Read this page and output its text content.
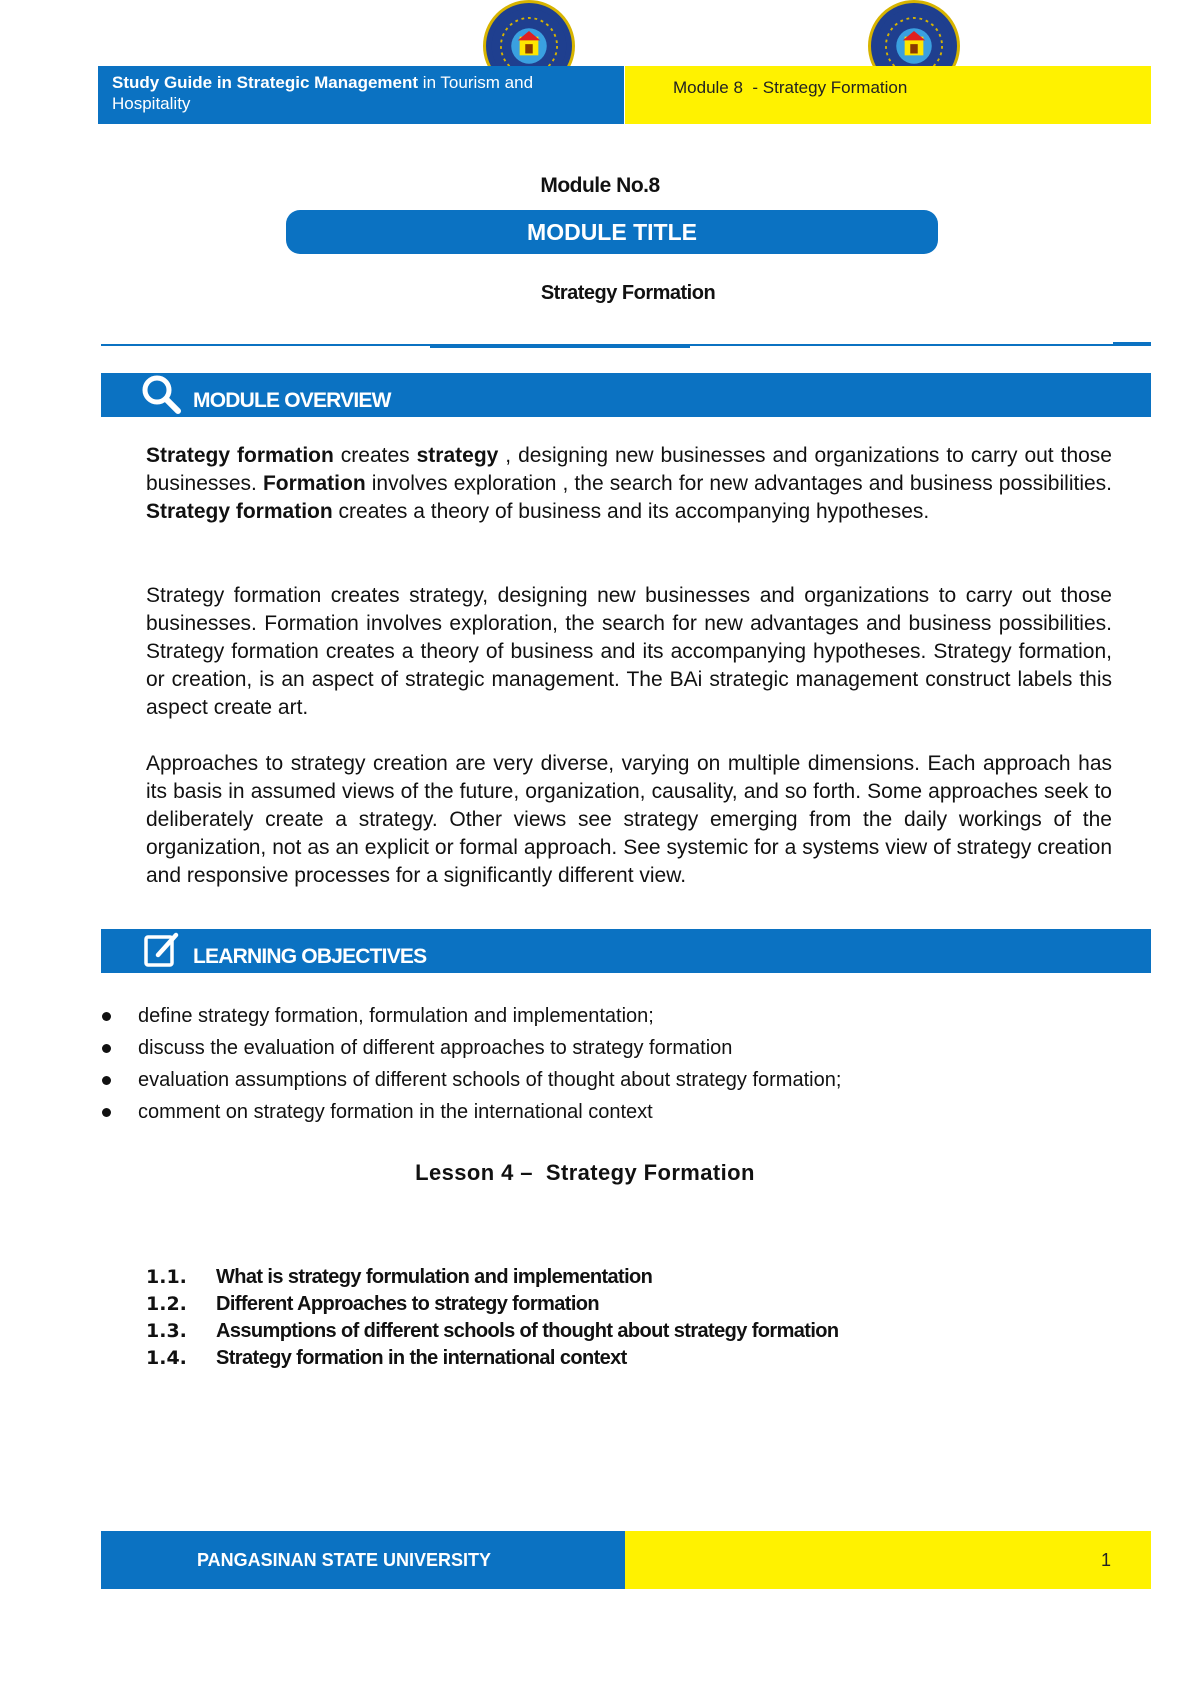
Study Guide in Strategic Management in Tourism and Hospitality
Module 8  - Strategy Formation
Module No.8
MODULE TITLE
Strategy Formation
MODULE OVERVIEW
Strategy formation creates strategy , designing new businesses and organizations to carry out those businesses. Formation involves exploration , the search for new advantages and business possibilities. Strategy formation creates a theory of business and its accompanying hypotheses.
Strategy formation creates strategy, designing new businesses and organizations to carry out those businesses. Formation involves exploration, the search for new advantages and business possibilities. Strategy formation creates a theory of business and its accompanying hypotheses. Strategy formation, or creation, is an aspect of strategic management. The BAi strategic management construct labels this aspect create art.
Approaches to strategy creation are very diverse, varying on multiple dimensions. Each approach has its basis in assumed views of the future, organization, causality, and so forth. Some approaches seek to deliberately create a strategy. Other views see strategy emerging from the daily workings of the organization, not as an explicit or formal approach. See systemic for a systems view of strategy creation and responsive processes for a significantly different view.
LEARNING OBJECTIVES
define strategy formation, formulation and implementation;
discuss the evaluation of different approaches to strategy formation
evaluation assumptions of different schools of thought about strategy formation;
comment on strategy formation in the international context
Lesson 4 –  Strategy Formation
1.1.	What is strategy formulation and implementation
1.2.	Different Approaches to strategy formation
1.3.	Assumptions of different schools of thought about strategy formation
1.4.	Strategy formation in the international context
PANGASINAN STATE UNIVERSITY	1
